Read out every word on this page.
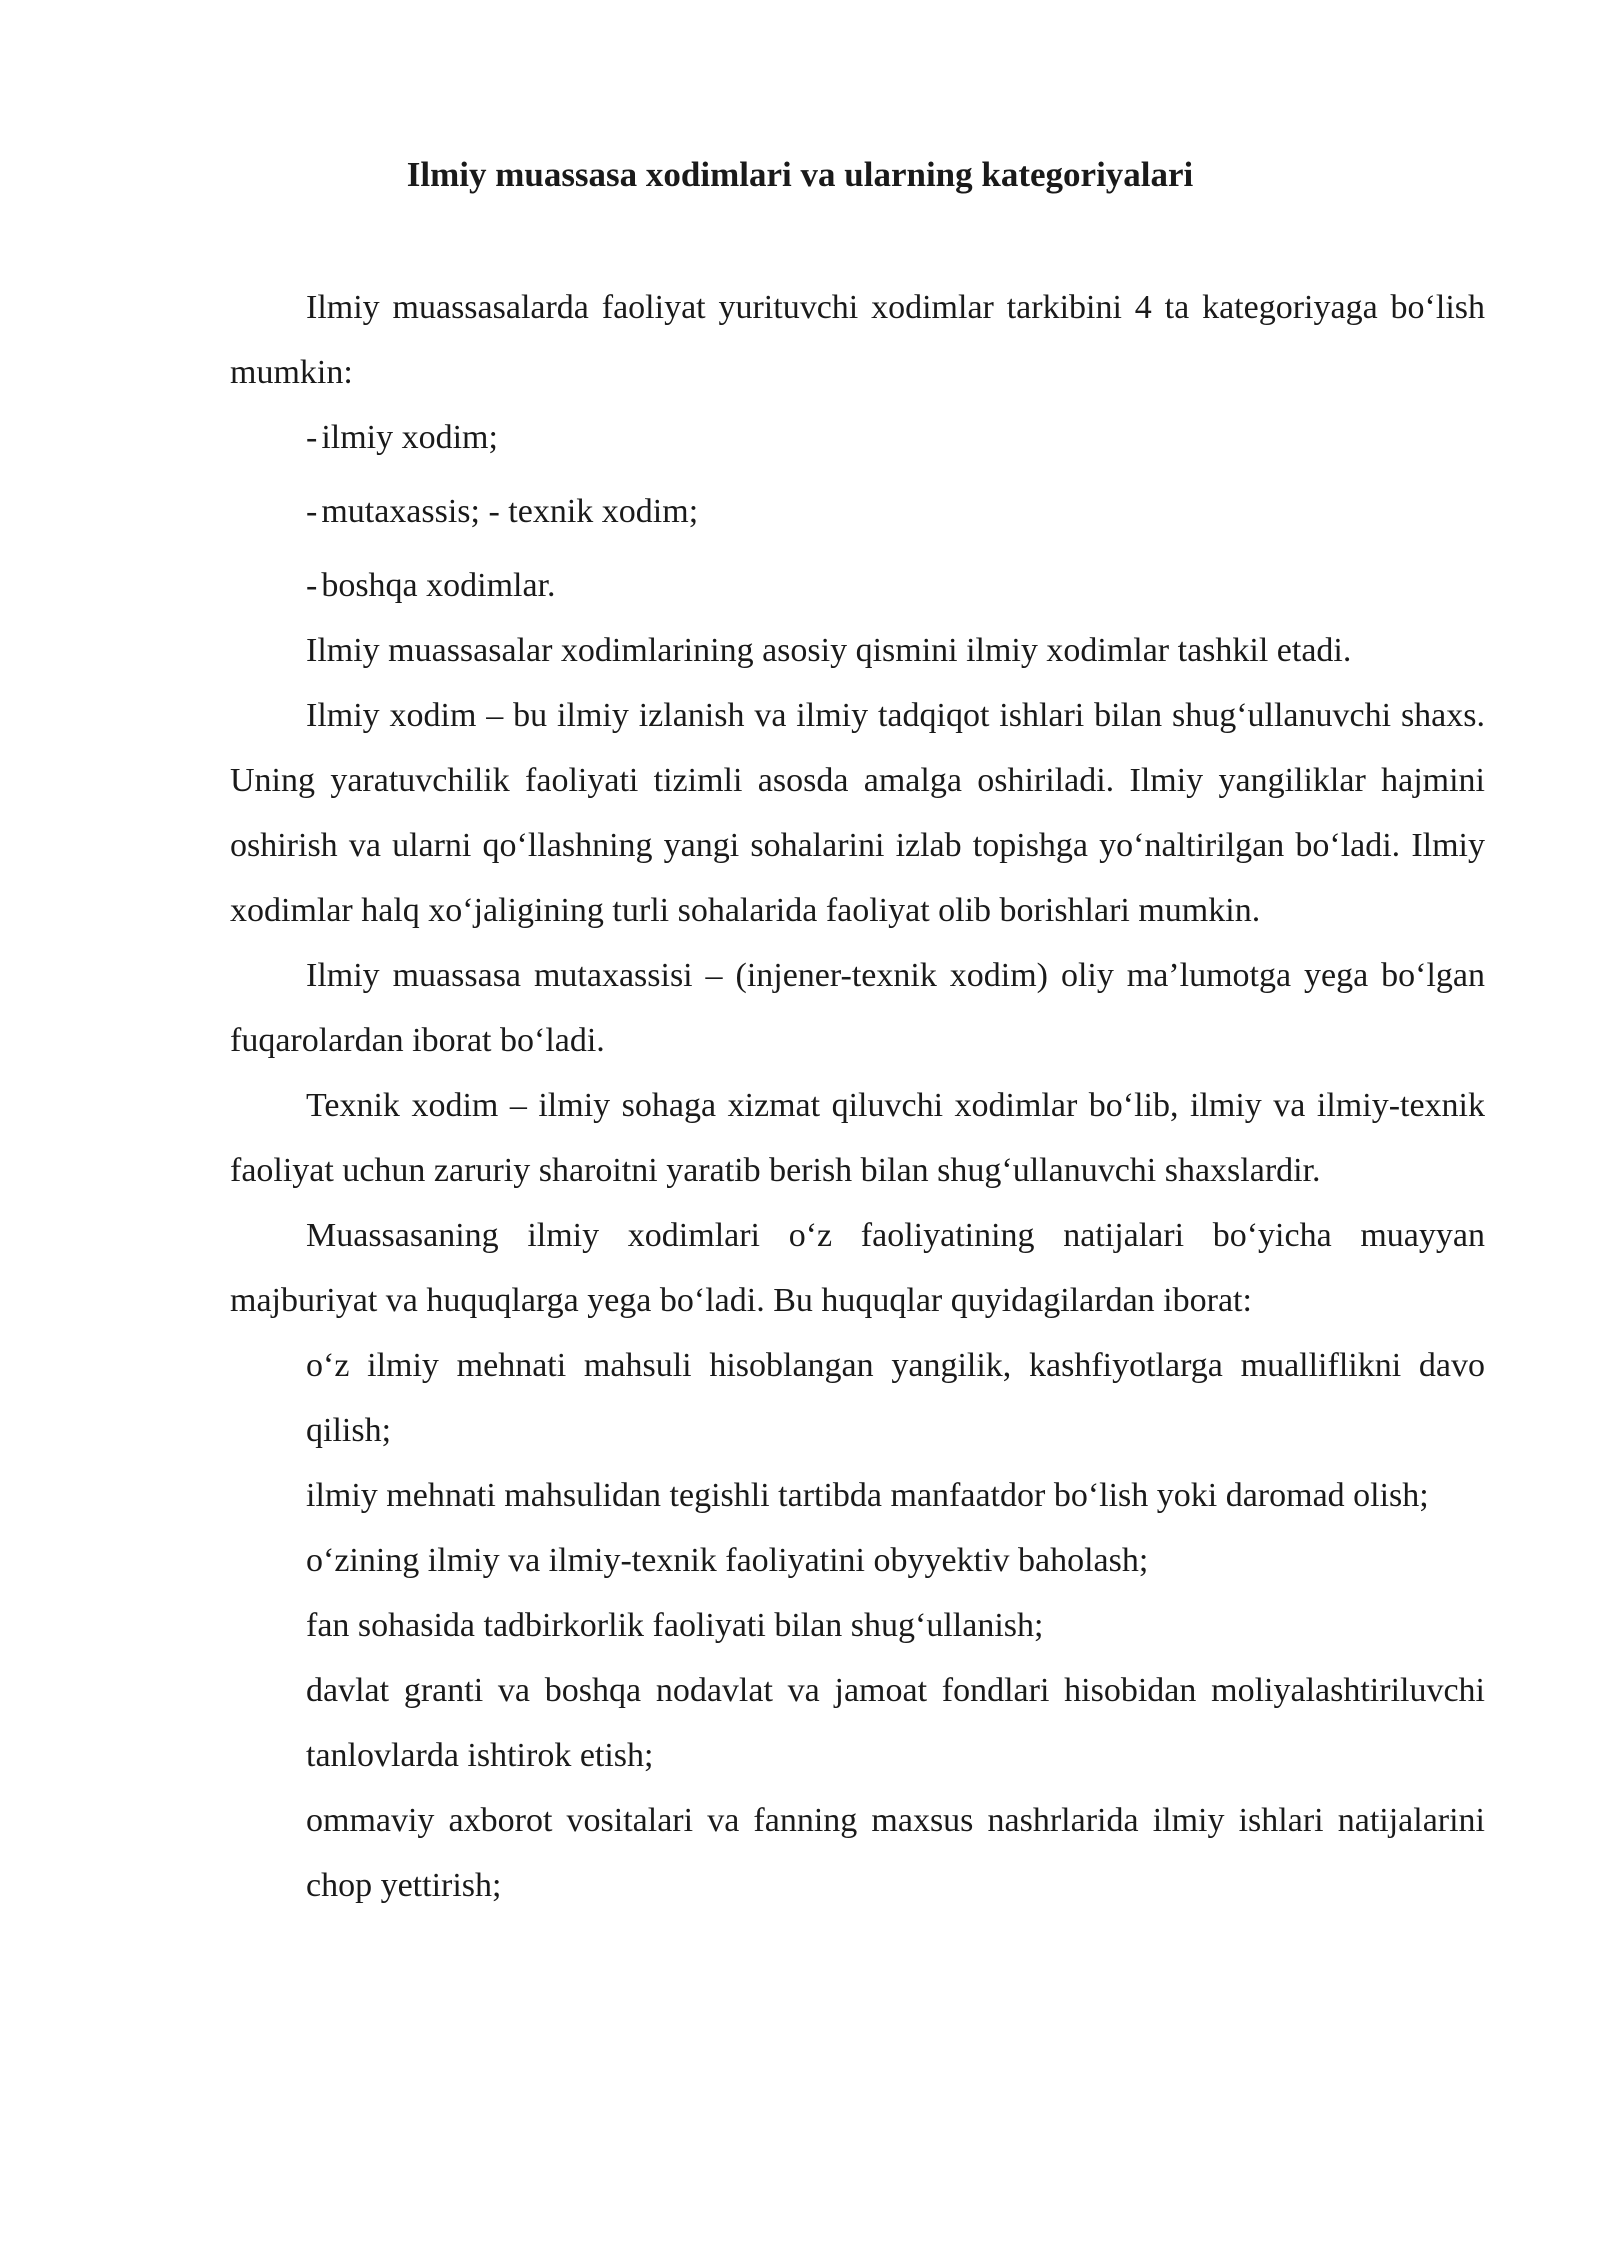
Ilmiy muassasa xodimlari va ularning kategoriyalari

Ilmiy muassasalarda faoliyat yurituvchi xodimlar tarkibini 4 ta kategoriyaga bo‘lish mumkin:

- ilmiy xodim;
- mutaxassis; - texnik xodim;
- boshqa xodimlar.

Ilmiy muassasalar xodimlarining asosiy qismini ilmiy xodimlar tashkil etadi.

Ilmiy xodim – bu ilmiy izlanish va ilmiy tadqiqot ishlari bilan shug‘ullanuvchi shaxs. Uning yaratuvchilik faoliyati tizimli asosda amalga oshiriladi. Ilmiy yangiliklar hajmini oshirish va ularni qo‘llashning yangi sohalarini izlab topishga yo‘naltirilgan bo‘ladi. Ilmiy xodimlar halq xo‘jaligining turli sohalarida faoliyat olib borishlari mumkin.

Ilmiy muassasa mutaxassisi – (injener-texnik xodim) oliy ma’lumotga yega bo‘lgan fuqarolardan iborat bo‘ladi.

Texnik xodim – ilmiy sohaga xizmat qiluvchi xodimlar bo‘lib, ilmiy va ilmiy-texnik faoliyat uchun zaruriy sharoitni yaratib berish bilan shug‘ullanuvchi shaxslardir.

Muassasaning ilmiy xodimlari o‘z faoliyatining natijalari bo‘yicha muayyan majburiyat va huquqlarga yega bo‘ladi. Bu huquqlar quyidagilardan iborat:

o‘z ilmiy mehnati mahsuli hisoblangan yangilik, kashfiyotlarga mualliflikni davo qilish;
ilmiy mehnati mahsulidan tegishli tartibda manfaatdor bo‘lish yoki daromad olish;
o‘zining ilmiy va ilmiy-texnik faoliyatini obyyektiv baholash;
fan sohasida tadbirkorlik faoliyati bilan shug‘ullanish;
davlat granti va boshqa nodavlat va jamoat fondlari hisobidan moliyalashtiriluvchi tanlovlarda ishtirok etish;
ommaviy axborot vositalari va fanning maxsus nashrlarida ilmiy ishlari natijalarini chop yettirish;
